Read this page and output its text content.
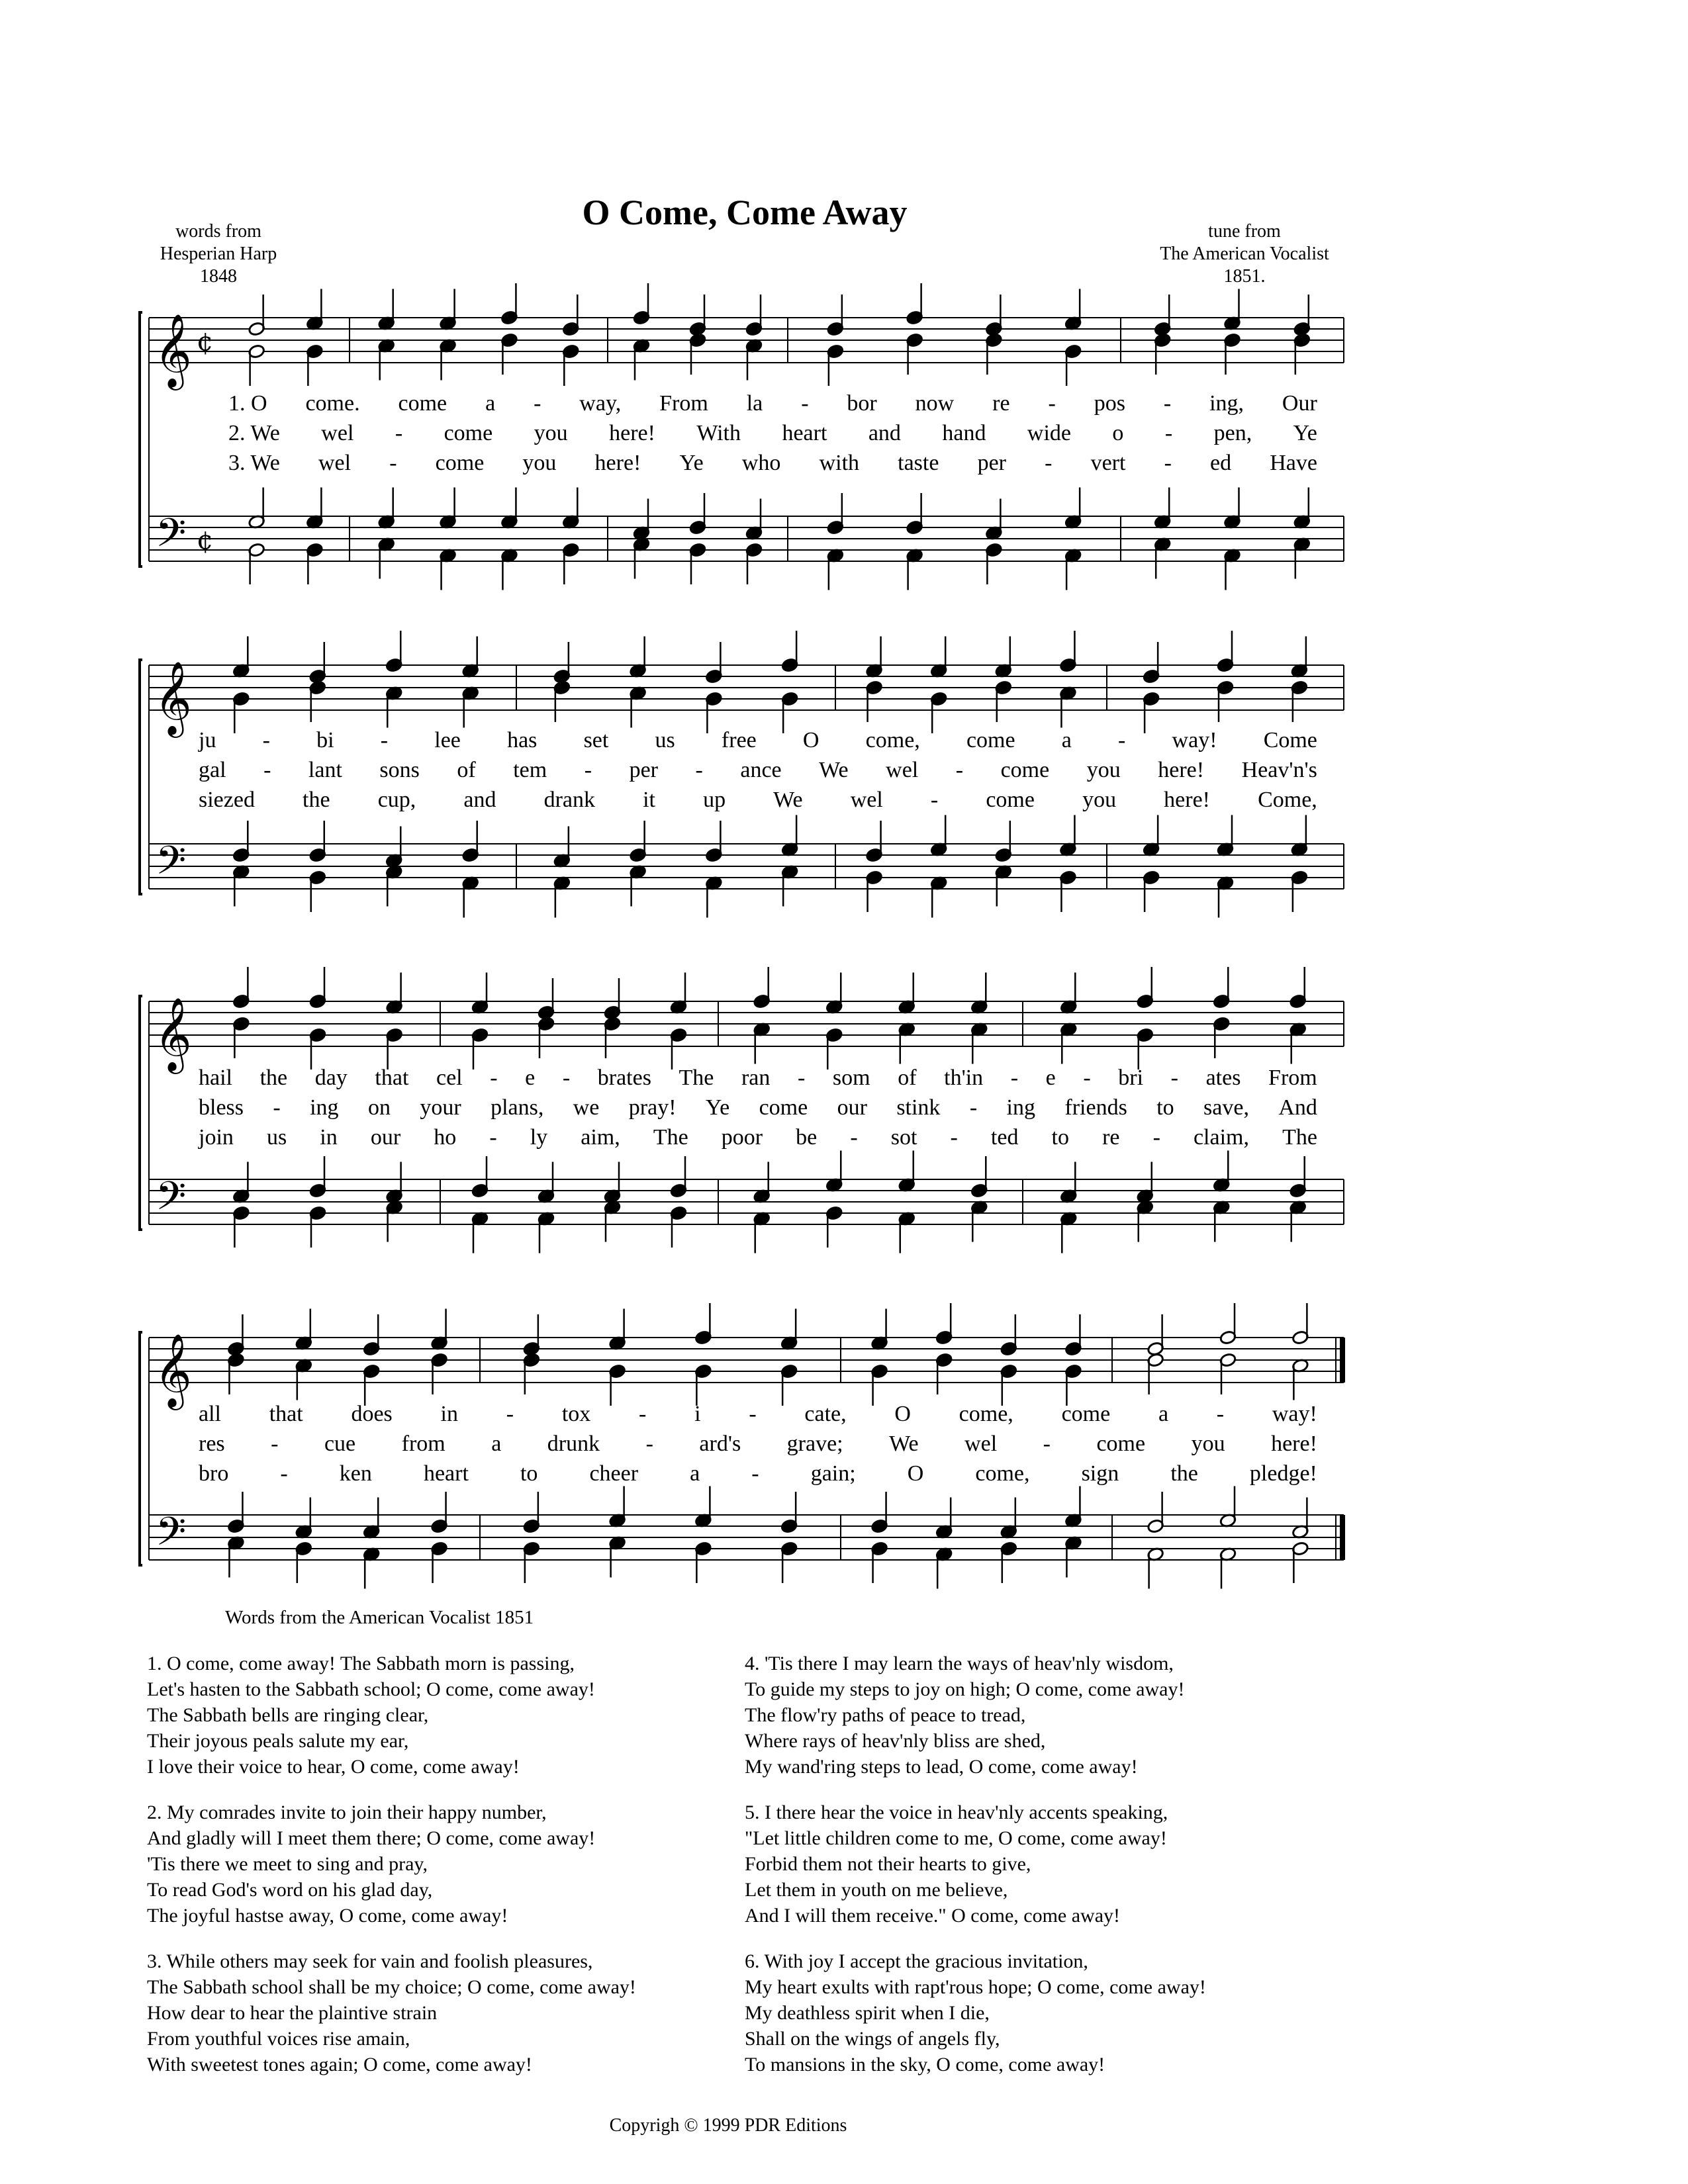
O Come, Come Away
words from
Hesperian Harp
1848
tune from
The American Vocalist
1851.
𝄞
𝄢
¢
¢
𝄞
𝄢
𝄞
𝄢
𝄞
𝄢
1. O come. come a - way, From la - bor now re - pos - ing, Our
2. We wel - come you here! With heart and hand wide o - pen, Ye
3. We wel - come you here! Ye who with taste per - vert - ed Have
ju - bi - lee has set us free O come, come a - way! Come
gal - lant sons of tem - per - ance We wel - come you here! Heav'n's
siezed the cup, and drank it up We wel - come you here! Come,
hail the day that cel - e - brates The ran - som of th'in - e - bri - ates From
bless - ing on your plans, we pray! Ye come our stink - ing friends to save, And
join us in our ho - ly aim, The poor be - sot - ted to re - claim, The
all that does in - tox - i - cate, O come, come a - way!
res - cue from a drunk - ard's grave; We wel - come you here!
bro - ken heart to cheer a - gain; O come, sign the pledge!
Words from the American Vocalist 1851
1. O come, come away! The Sabbath morn is passing,
Let's hasten to the Sabbath school; O come, come away!
The Sabbath bells are ringing clear,
Their joyous peals salute my ear,
I love their voice to hear, O come, come away!
2. My comrades invite to join their happy number,
And gladly will I meet them there; O come, come away!
'Tis there we meet to sing and pray,
To read God's word on his glad day,
The joyful hastse away, O come, come away!
3. While others may seek for vain and foolish pleasures,
The Sabbath school shall be my choice; O come, come away!
How dear to hear the plaintive strain
From youthful voices rise amain,
With sweetest tones again; O come, come away!
4. 'Tis there I may learn the ways of heav'nly wisdom,
To guide my steps to joy on high; O come, come away!
The flow'ry paths of peace to tread,
Where rays of heav'nly bliss are shed,
My wand'ring steps to lead, O come, come away!
5. I there hear the voice in heav'nly accents speaking,
"Let little children come to me, O come, come away!
Forbid them not their hearts to give,
Let them in youth on me believe,
And I will them receive." O come, come away!
6. With joy I accept the gracious invitation,
My heart exults with rapt'rous hope; O come, come away!
My deathless spirit when I die,
Shall on the wings of angels fly,
To mansions in the sky, O come, come away!
Copyrigh © 1999 PDR Editions
